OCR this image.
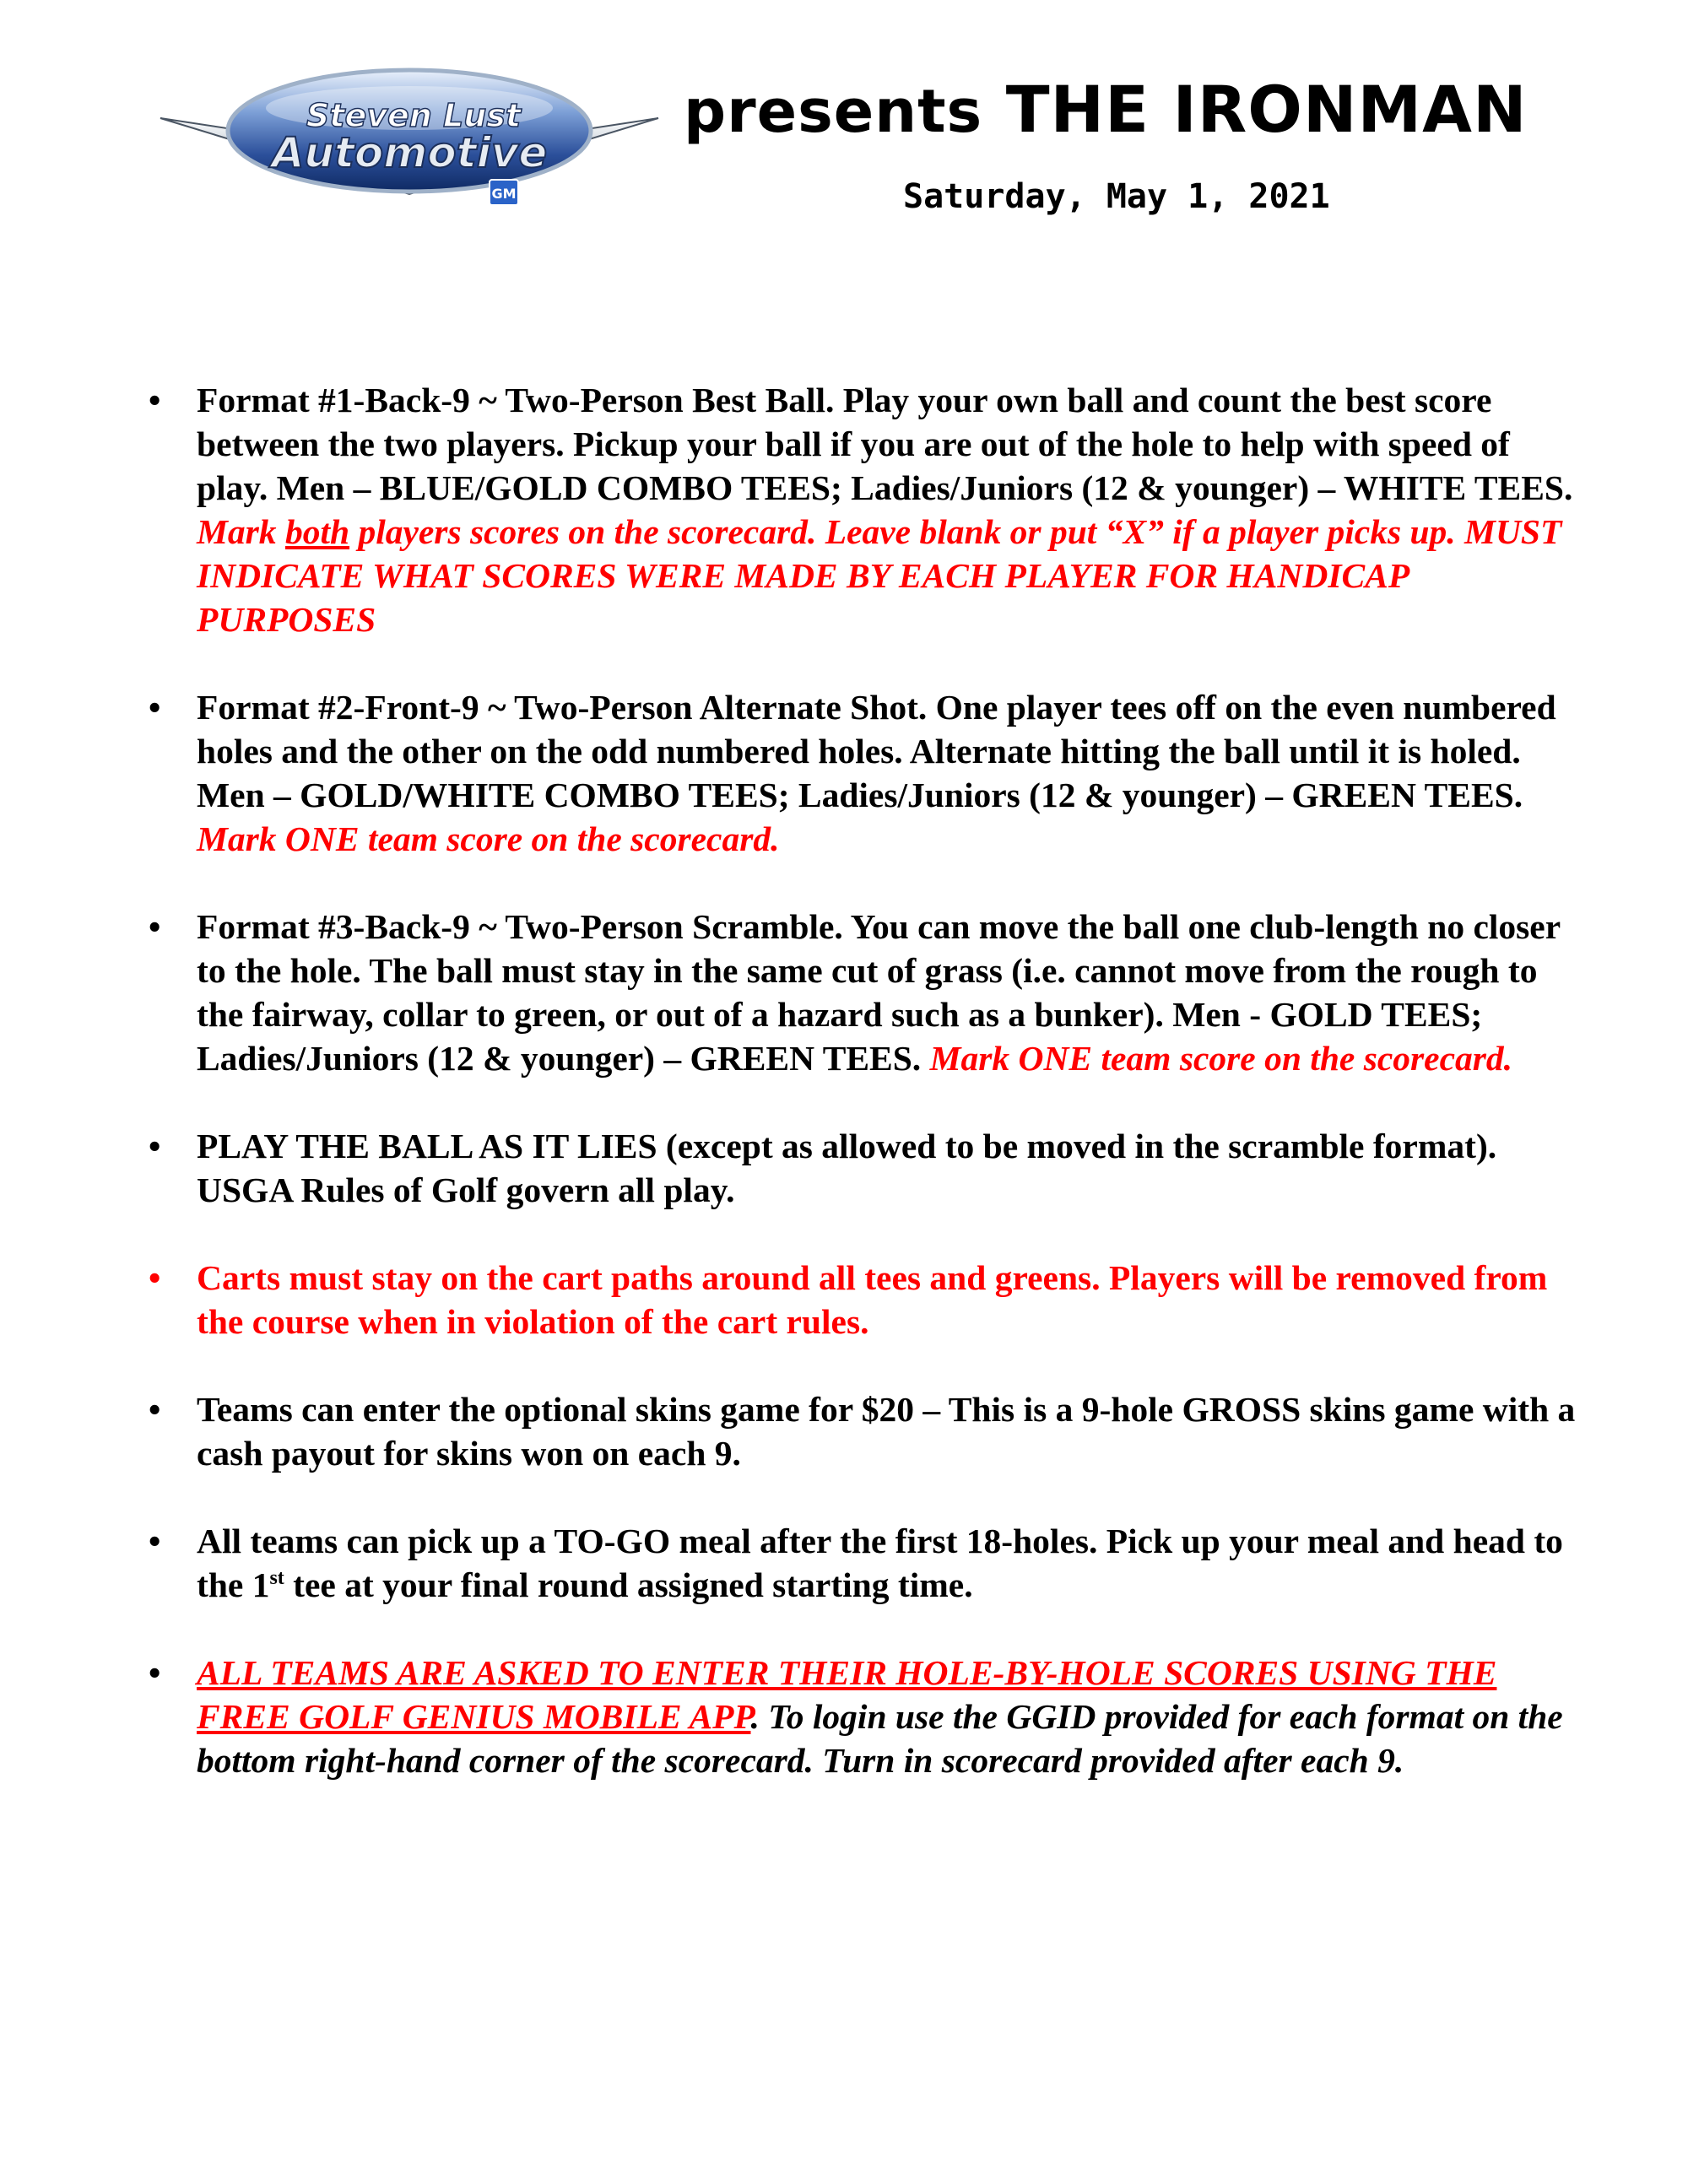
Steven Lust
Automotive
GM
presents THE IRONMAN
Saturday, May 1, 2021
• Format #1-Back-9 ~ Two-Person Best Ball. Play your own ball and count the best score between the two players. Pickup your ball if you are out of the hole to help with speed of play. Men – BLUE/GOLD COMBO TEES; Ladies/Juniors (12 & younger) – WHITE TEES. Mark both players scores on the scorecard. Leave blank or put “X” if a player picks up. MUST INDICATE WHAT SCORES WERE MADE BY EACH PLAYER FOR HANDICAP PURPOSES
• Format #2-Front-9 ~ Two-Person Alternate Shot. One player tees off on the even numbered holes and the other on the odd numbered holes. Alternate hitting the ball until it is holed. Men – GOLD/WHITE COMBO TEES; Ladies/Juniors (12 & younger) – GREEN TEES. Mark ONE team score on the scorecard.
• Format #3-Back-9 ~ Two-Person Scramble. You can move the ball one club-length no closer to the hole. The ball must stay in the same cut of grass (i.e. cannot move from the rough to the fairway, collar to green, or out of a hazard such as a bunker). Men - GOLD TEES; Ladies/Juniors (12 & younger) – GREEN TEES. Mark ONE team score on the scorecard.
• PLAY THE BALL AS IT LIES (except as allowed to be moved in the scramble format). USGA Rules of Golf govern all play.
• Carts must stay on the cart paths around all tees and greens. Players will be removed from the course when in violation of the cart rules.
• Teams can enter the optional skins game for $20 – This is a 9-hole GROSS skins game with a cash payout for skins won on each 9.
• All teams can pick up a TO-GO meal after the first 18-holes. Pick up your meal and head to the 1st tee at your final round assigned starting time.
• ALL TEAMS ARE ASKED TO ENTER THEIR HOLE-BY-HOLE SCORES USING THE FREE GOLF GENIUS MOBILE APP. To login use the GGID provided for each format on the bottom right-hand corner of the scorecard. Turn in scorecard provided after each 9.
